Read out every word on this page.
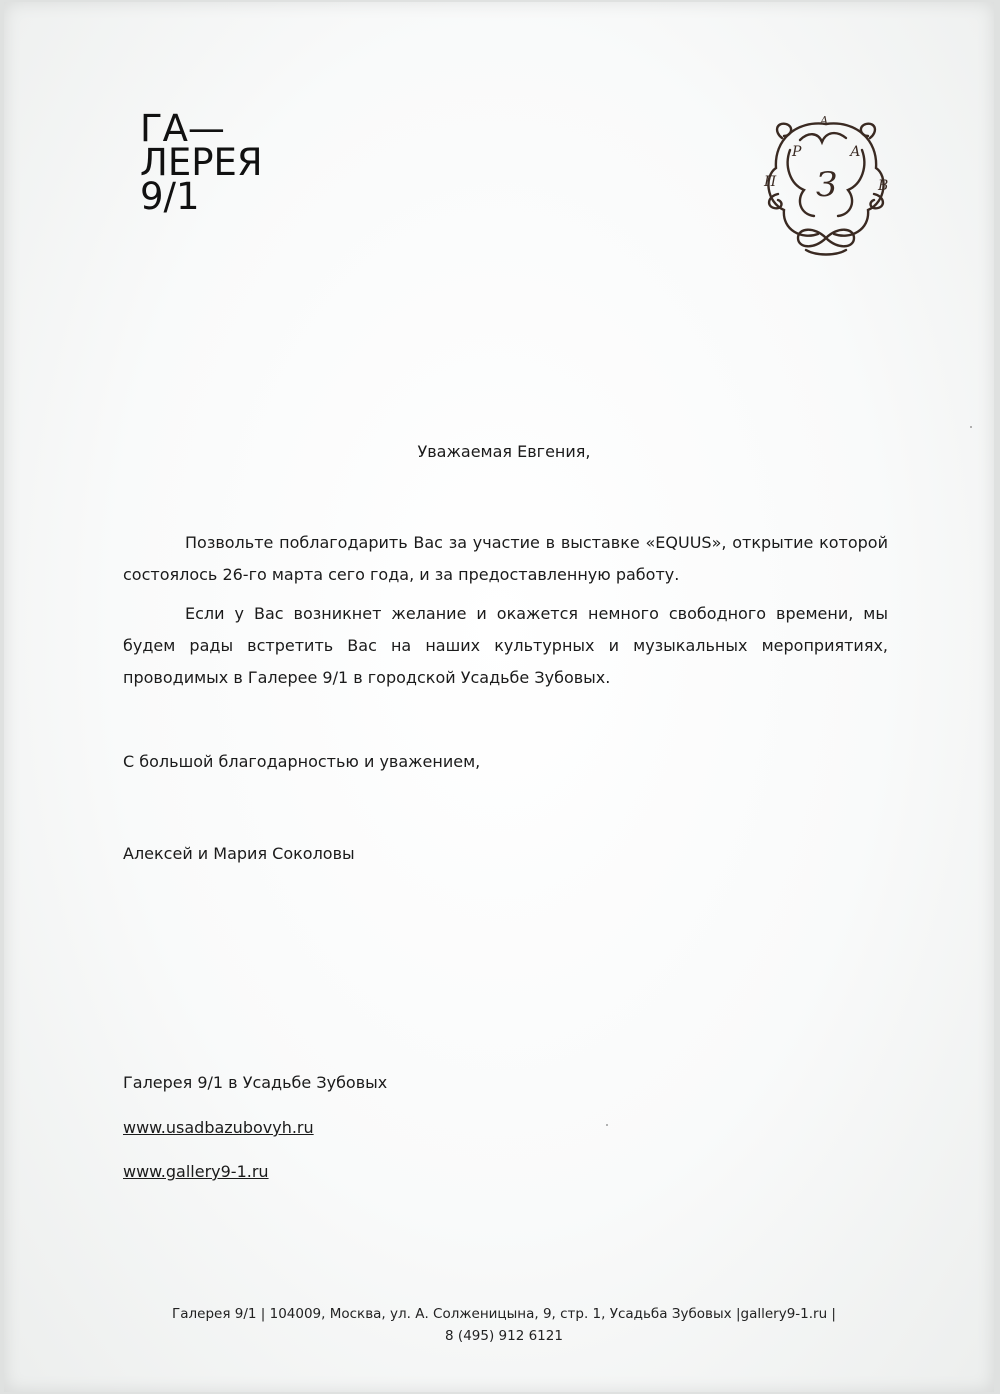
ГА—
ЛЕРЕЯ
9/1	З
П
Р
А
А
В
Уважаемая Евгения,
Позвольте поблагодарить Вас за участие в выставке «EQUUS», открытие которой состоялось 26-го марта сего года, и за предоставленную работу.
Если у Вас возникнет желание и окажется немного свободного времени, мы будем рады встретить Вас на наших культурных и музыкальных мероприятиях, проводимых в Галерее 9/1 в городской Усадьбе Зубовых.
С большой благодарностью и уважением,
Алексей и Мария Соколовы
Галерея 9/1 в Усадьбе Зубовых
www.usadbazubovyh.ru
www.gallery9-1.ru
Галерея 9/1 | 104009, Москва, ул. А. Солженицына, 9, стр. 1, Усадьба Зубовых |gallery9-1.ru |
8 (495) 912 6121
